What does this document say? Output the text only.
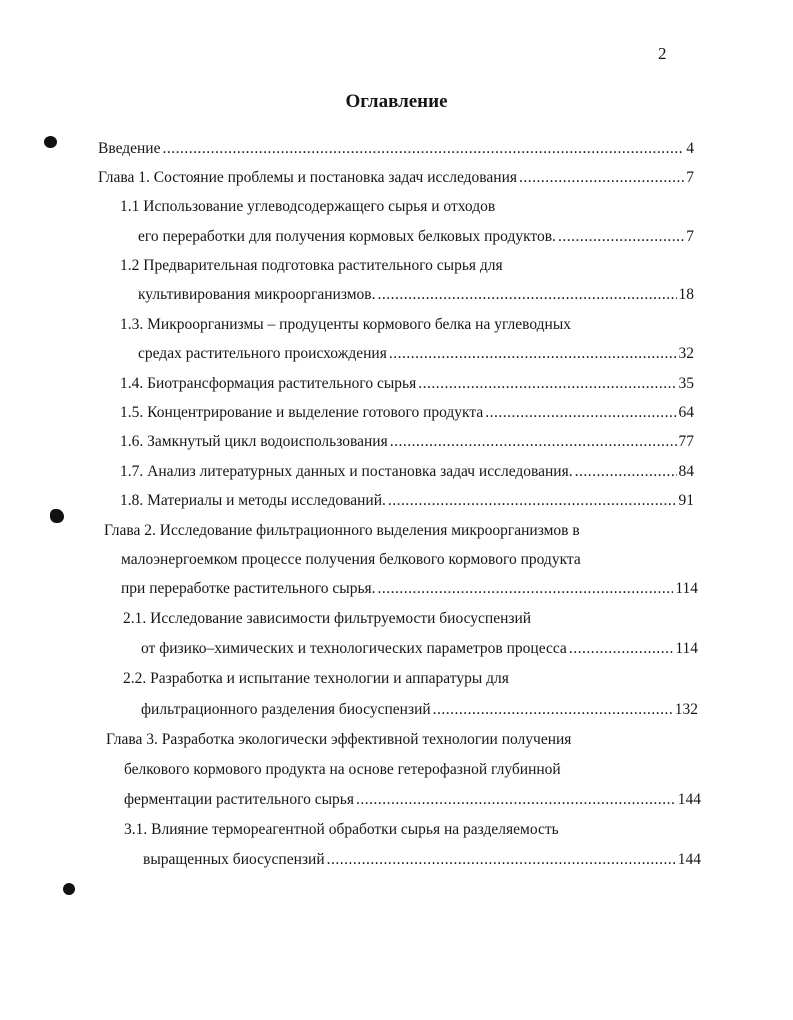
2
Оглавление
Введение .....	4
Глава 1. Состояние проблемы и постановка задач исследования .....	7
1.1 Использование углеводсодержащего сырья и отходов
его переработки для получения кормовых белковых продуктов. .....	7
1.2 Предварительная подготовка растительного сырья для
культивирования микроорганизмов. .....	18
1.3. Микроорганизмы – продуценты кормового белка на углеводных
средах растительного происхождения .....	32
1.4. Биотрансформация растительного сырья .....	35
1.5. Концентрирование и выделение готового продукта .....	64
1.6. Замкнутый цикл водоиспользования .....	77
1.7. Анализ литературных данных и постановка задач исследования. .....	84
1.8. Материалы и методы исследований. .....	91
Глава 2. Исследование фильтрационного выделения микроорганизмов в
малоэнергоемком процессе получения белкового кормового продукта
при переработке растительного сырья. .....	114
2.1. Исследование зависимости фильтруемости биосуспензий
от физико–химических и технологических параметров процесса .....	114
2.2. Разработка и испытание технологии и аппаратуры для
фильтрационного разделения биосуспензий .....	132
Глава 3. Разработка экологически эффективной технологии получения
белкового кормового продукта на основе гетерофазной глубинной
ферментации растительного сырья .....	144
3.1. Влияние термореагентной обработки сырья на разделяемость
выращенных биосуспензий .....	144
